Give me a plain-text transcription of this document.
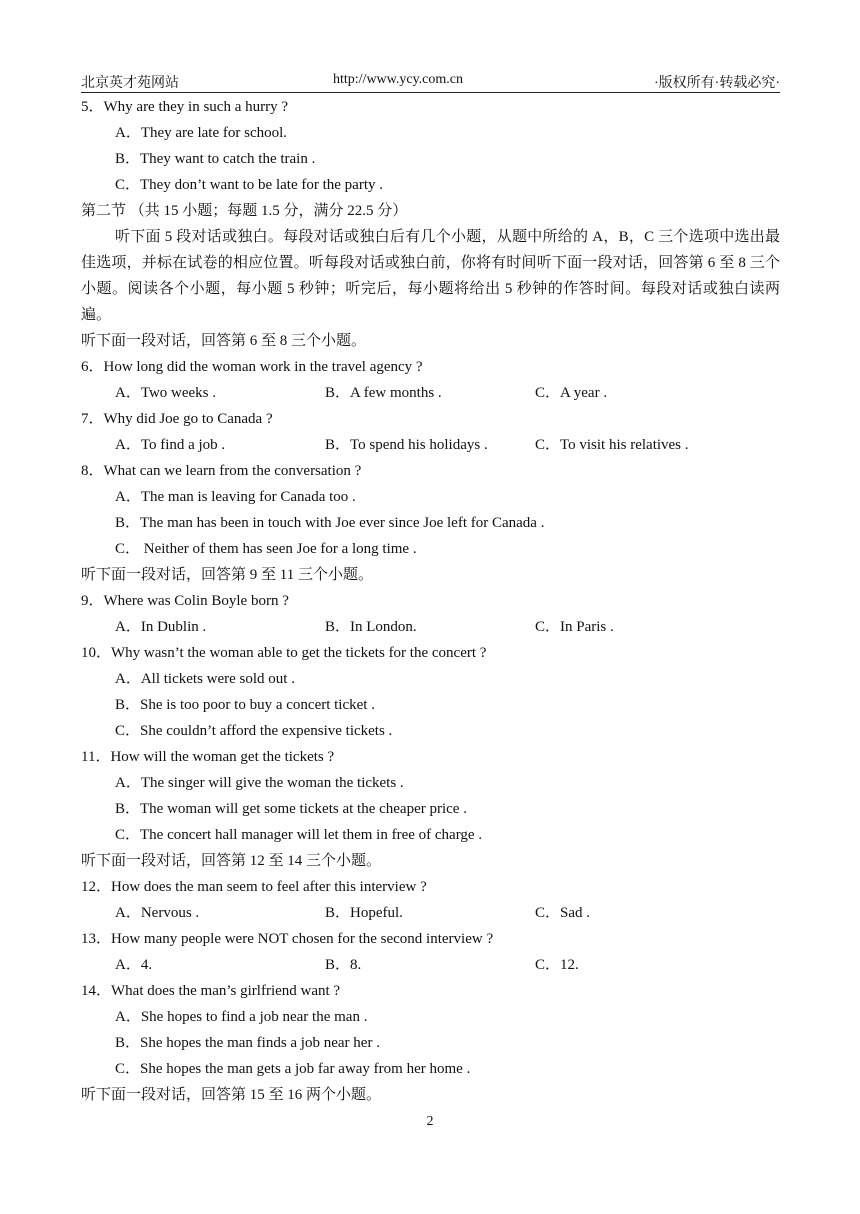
北京英才苑网站	http://www.ycy.com.cn	·版权所有·转载必究·
5．Why are they in such a hurry ?
A．They are late for school.
B．They want to catch the train .
C．They don’t want to be late for the party .
第二节 （共 15 小题；每题 1.5 分，满分 22.5 分）

听下面 5 段对话或独白。每段对话或独白后有几个小题，从题中所给的 A，B，C 三个选项中选出最佳选项，并标在试卷的相应位置。听每段对话或独白前，你将有时间听下面一段对话，回答第 6 至 8 三个小题。阅读各个小题，每小题 5 秒钟；听完后，每小题将给出 5 秒钟的作答时间。每段对话或独白读两遍。

听下面一段对话，回答第 6 至 8 三个小题。
6．How long did the woman work in the travel agency ?
A．Two weeks .	B．A few months .	C．A year .
7．Why did Joe go to Canada ?
A．To find a job .	B．To spend his holidays .	C．To visit his relatives .
8．What can we learn from the conversation ?
A．The man is leaving for Canada too .
B．The man has been in touch with Joe ever since Joe left for Canada .
C． Neither of them has seen Joe for a long time .
听下面一段对话，回答第 9 至 11 三个小题。
9．Where was Colin Boyle born ?
A．In Dublin .	B．In London.	C．In Paris .
10．Why wasn’t the woman able to get the tickets for the concert ?
A．All tickets were sold out .
B．She is too poor to buy a concert ticket .
C．She couldn’t afford the expensive tickets .
11．How will the woman get the tickets ?
A．The singer will give the woman the tickets .
B．The woman will get some tickets at the cheaper price .
C．The concert hall manager will let them in free of charge .
听下面一段对话，回答第 12 至 14 三个小题。
12．How does the man seem to feel after this interview ?
A．Nervous .	B．Hopeful.	C．Sad .
13．How many people were NOT chosen for the second interview ?
A．4.	B．8.	C．12.
14．What does the man’s girlfriend want ?
A．She hopes to find a job near the man .
B．She hopes the man finds a job near her .
C．She hopes the man gets a job far away from her home .
听下面一段对话，回答第 15 至 16 两个小题。
2
